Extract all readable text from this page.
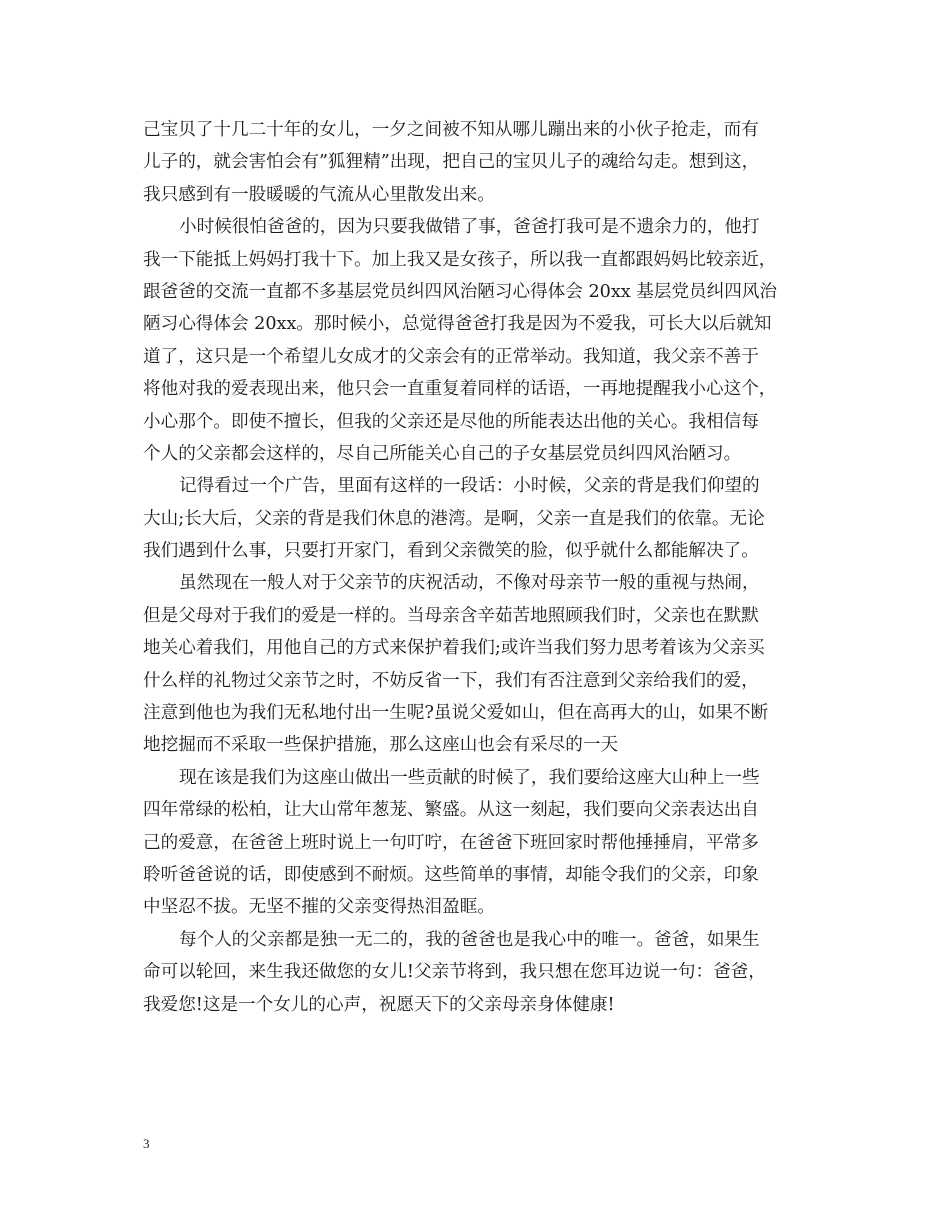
己宝贝了十几二十年的女儿，一夕之间被不知从哪儿蹦出来的小伙子抢走，而有
儿子的，就会害怕会有”狐狸精”出现，把自己的宝贝儿子的魂给勾走。想到这，
我只感到有一股暖暖的气流从心里散发出来。
小时候很怕爸爸的，因为只要我做错了事，爸爸打我可是不遗余力的，他打
我一下能抵上妈妈打我十下。加上我又是女孩子，所以我一直都跟妈妈比较亲近，
跟爸爸的交流一直都不多基层党员纠四风治陋习心得体会 20xx 基层党员纠四风治
陋习心得体会 20xx。那时候小，总觉得爸爸打我是因为不爱我，可长大以后就知
道了，这只是一个希望儿女成才的父亲会有的正常举动。我知道，我父亲不善于
将他对我的爱表现出来，他只会一直重复着同样的话语，一再地提醒我小心这个，
小心那个。即使不擅长，但我的父亲还是尽他的所能表达出他的关心。我相信每
个人的父亲都会这样的，尽自己所能关心自己的子女基层党员纠四风治陋习。
记得看过一个广告，里面有这样的一段话：小时候，父亲的背是我们仰望的
大山;长大后，父亲的背是我们休息的港湾。是啊，父亲一直是我们的依靠。无论
我们遇到什么事，只要打开家门，看到父亲微笑的脸，似乎就什么都能解决了。
虽然现在一般人对于父亲节的庆祝活动，不像对母亲节一般的重视与热闹，
但是父母对于我们的爱是一样的。当母亲含辛茹苦地照顾我们时，父亲也在默默
地关心着我们，用他自己的方式来保护着我们;或许当我们努力思考着该为父亲买
什么样的礼物过父亲节之时，不妨反省一下，我们有否注意到父亲给我们的爱，
注意到他也为我们无私地付出一生呢?虽说父爱如山，但在高再大的山，如果不断
地挖掘而不采取一些保护措施，那么这座山也会有采尽的一天
现在该是我们为这座山做出一些贡献的时候了，我们要给这座大山种上一些
四年常绿的松柏，让大山常年葱茏、繁盛。从这一刻起，我们要向父亲表达出自
己的爱意，在爸爸上班时说上一句叮咛，在爸爸下班回家时帮他捶捶肩，平常多
聆听爸爸说的话，即使感到不耐烦。这些简单的事情，却能令我们的父亲，印象
中坚忍不拔。无坚不摧的父亲变得热泪盈眶。
每个人的父亲都是独一无二的，我的爸爸也是我心中的唯一。爸爸，如果生
命可以轮回，来生我还做您的女儿!父亲节将到，我只想在您耳边说一句：爸爸，
我爱您!这是一个女儿的心声，祝愿天下的父亲母亲身体健康!
3
